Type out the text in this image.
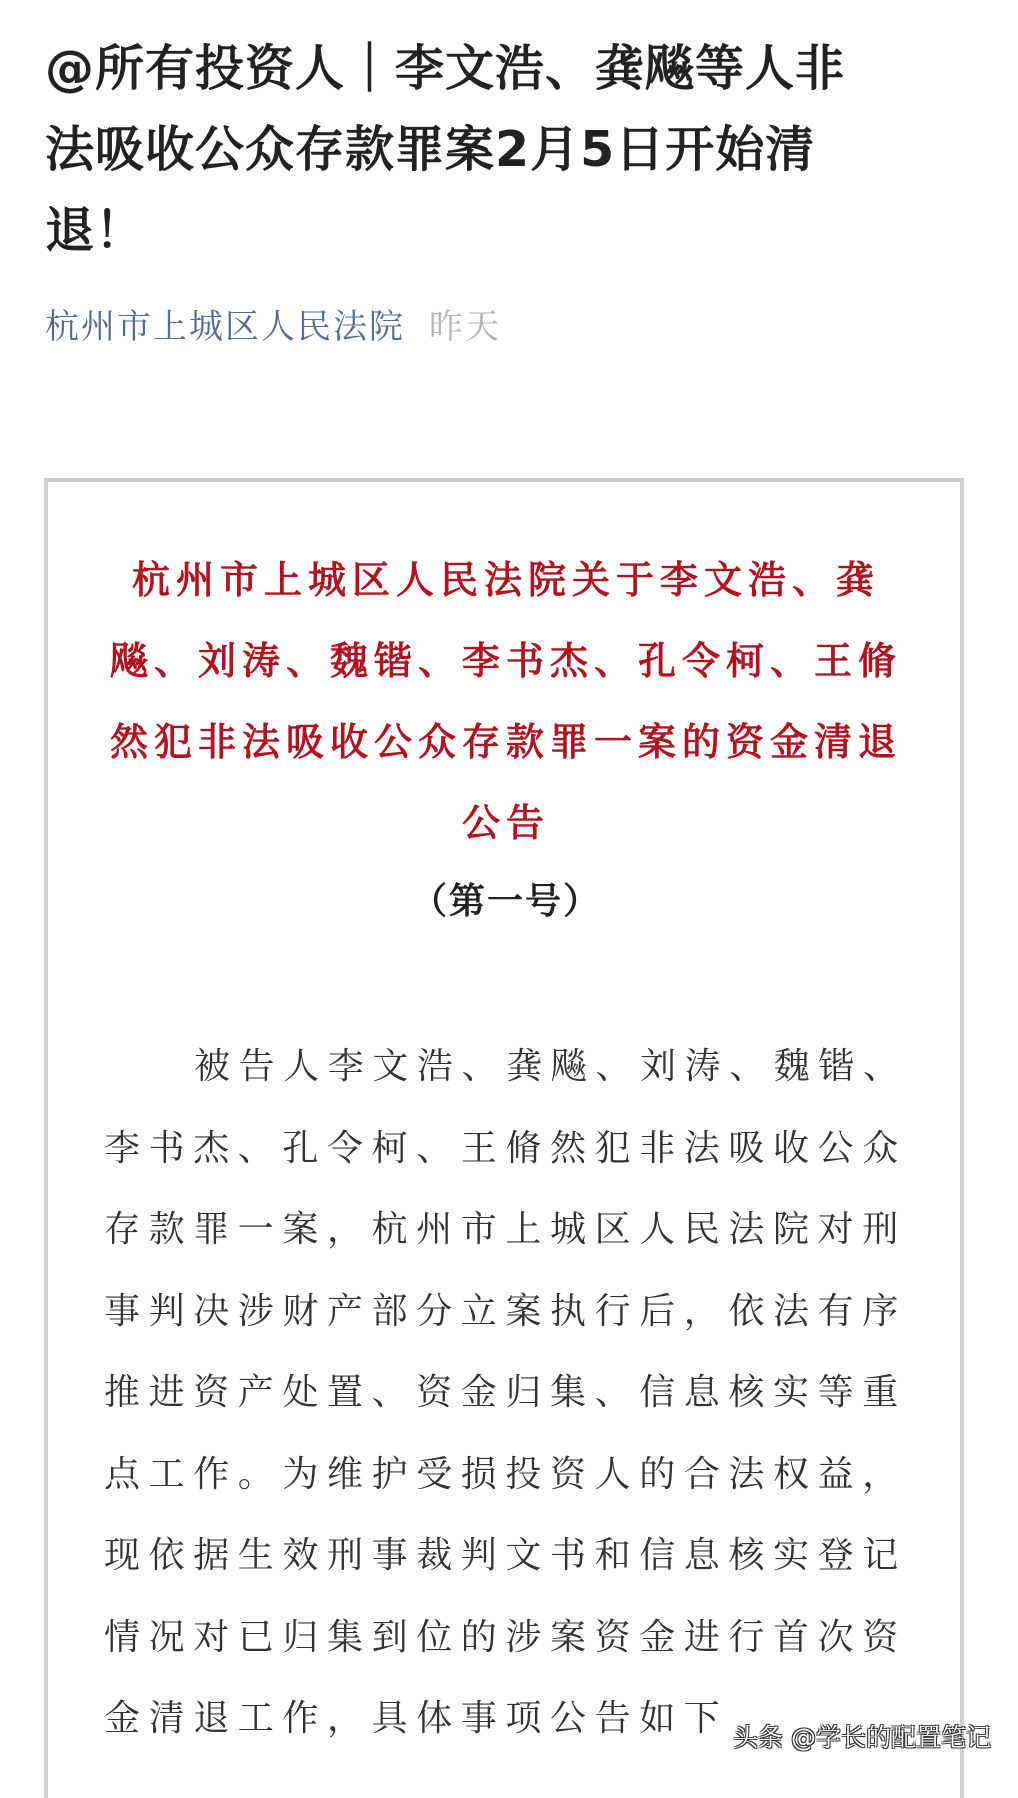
@所有投资人｜李文浩、龚飚等人非
法吸收公众存款罪案2月5日开始清
退！
杭州市上城区人民法院 昨天
杭州市上城区人民法院关于李文浩、龚
飚、刘涛、魏锴、李书杰、孔令柯、王脩
然犯非法吸收公众存款罪一案的资金清退
公告
（第一号）
被告人李文浩、龚飚、刘涛、魏锴、
李书杰、孔令柯、王脩然犯非法吸收公众
存款罪一案，杭州市上城区人民法院对刑
事判决涉财产部分立案执行后，依法有序
推进资产处置、资金归集、信息核实等重
点工作。为维护受损投资人的合法权益，
现依据生效刑事裁判文书和信息核实登记
情况对已归集到位的涉案资金进行首次资
金清退工作，具体事项公告如下 头条 @学长的配置笔记
